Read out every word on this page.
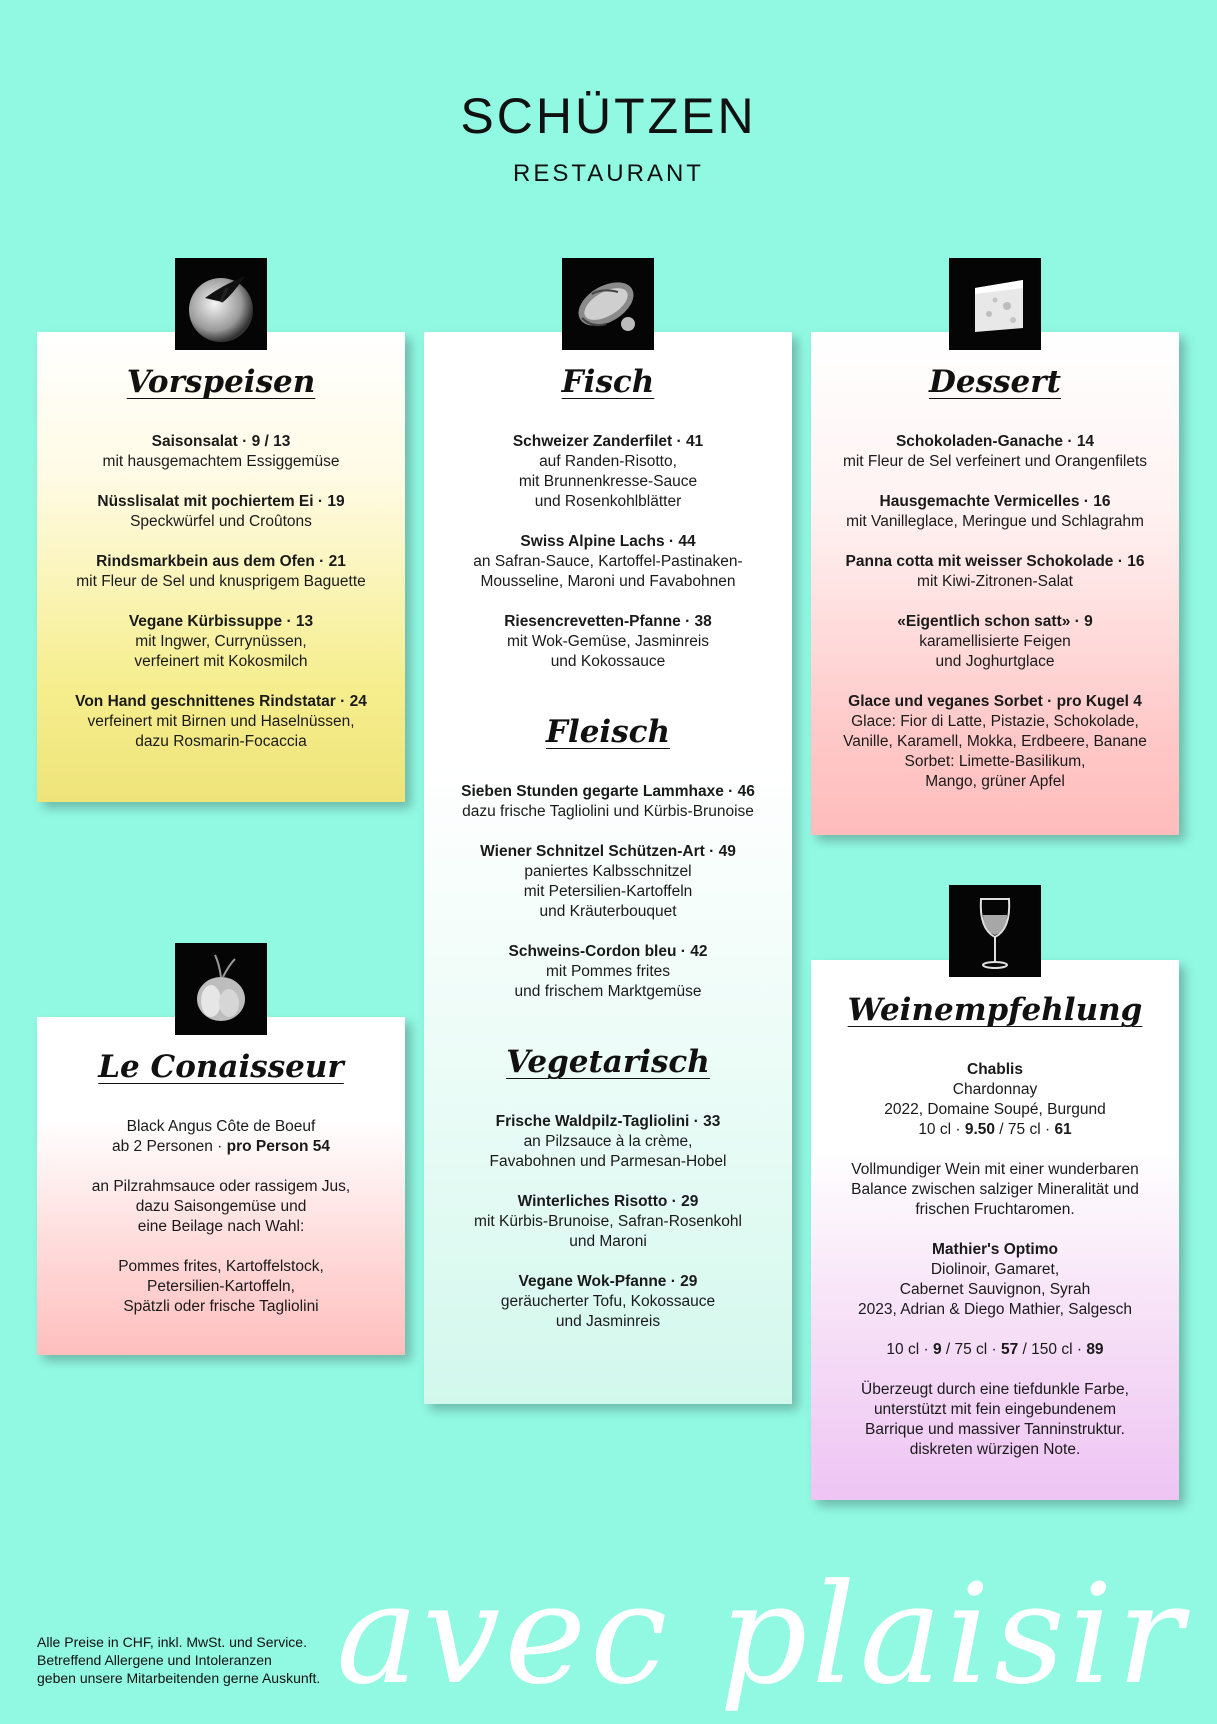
SCHÜTZEN
RESTAURANT
Vorspeisen
Saisonsalat · 9 / 13
mit hausgemachtem Essiggemüse
Nüsslisalat mit pochiertem Ei · 19
Speckwürfel und Croûtons
Rindsmarkbein aus dem Ofen · 21
mit Fleur de Sel und knusprigem Baguette
Vegane Kürbissuppe · 13
mit Ingwer, Currynüssen,
verfeinert mit Kokosmilch
Von Hand geschnittenes Rindstatar · 24
verfeinert mit Birnen und Haselnüssen,
dazu Rosmarin-Focaccia
Fisch
Schweizer Zanderfilet · 41
auf Randen-Risotto,
mit Brunnenkresse-Sauce
und Rosenkohlblätter
Swiss Alpine Lachs · 44
an Safran-Sauce, Kartoffel-Pastinaken-
Mousseline, Maroni und Favabohnen
Riesencrevetten-Pfanne · 38
mit Wok-Gemüse, Jasminreis
und Kokossauce
Fleisch
Sieben Stunden gegarte Lammhaxe · 46
dazu frische Tagliolini und Kürbis-Brunoise
Wiener Schnitzel Schützen-Art · 49
paniertes Kalbsschnitzel
mit Petersilien-Kartoffeln
und Kräuterbouquet
Schweins-Cordon bleu · 42
mit Pommes frites
und frischem Marktgemüse
Vegetarisch
Frische Waldpilz-Tagliolini · 33
an Pilzsauce à la crème,
Favabohnen und Parmesan-Hobel
Winterliches Risotto · 29
mit Kürbis-Brunoise, Safran-Rosenkohl
und Maroni
Vegane Wok-Pfanne · 29
geräucherter Tofu, Kokossauce
und Jasminreis
Dessert
Schokoladen-Ganache · 14
mit Fleur de Sel verfeinert und Orangenfilets
Hausgemachte Vermicelles · 16
mit Vanilleglace, Meringue und Schlagrahm
Panna cotta mit weisser Schokolade · 16
mit Kiwi-Zitronen-Salat
«Eigentlich schon satt» · 9
karamellisierte Feigen
und Joghurtglace
Glace und veganes Sorbet · pro Kugel 4
Glace: Fior di Latte, Pistazie, Schokolade,
Vanille, Karamell, Mokka, Erdbeere, Banane
Sorbet: Limette-Basilikum,
Mango, grüner Apfel
Le Conaisseur
Black Angus Côte de Boeuf
ab 2 Personen · pro Person 54
an Pilzrahmsauce oder rassigem Jus,
dazu Saisongemüse und
eine Beilage nach Wahl:
Pommes frites, Kartoffelstock,
Petersilien-Kartoffeln,
Spätzli oder frische Tagliolini
Weinempfehlung
Chablis
Chardonnay
2022, Domaine Soupé, Burgund
10 cl · 9.50 / 75 cl · 61
Vollmundiger Wein mit einer wunderbaren
Balance zwischen salziger Mineralität und
frischen Fruchtaromen.
Mathier's Optimo
Diolinoir, Gamaret,
Cabernet Sauvignon, Syrah
2023, Adrian & Diego Mathier, Salgesch
10 cl · 9 / 75 cl · 57 / 150 cl · 89
Überzeugt durch eine tiefdunkle Farbe,
unterstützt mit fein eingebundenem
Barrique und massiver Tanninstruktur.
diskreten würzigen Note.
Alle Preise in CHF, inkl. MwSt. und Service.
Betreffend Allergene und Intoleranzen
geben unsere Mitarbeitenden gerne Auskunft. avec plaisir
